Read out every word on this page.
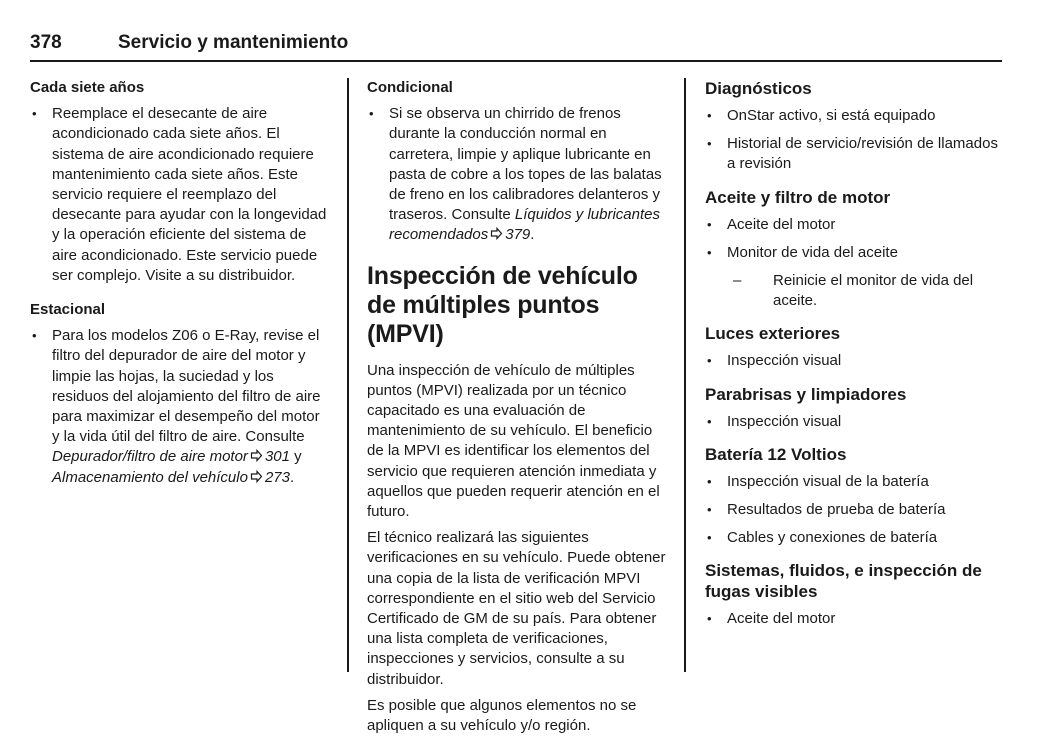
378	Servicio y mantenimiento
Cada siete años
• Reemplace el desecante de aire acondicionado cada siete años. El sistema de aire acondicionado requiere mantenimiento cada siete años. Este servicio requiere el reemplazo del desecante para ayudar con la longevidad y la operación eficiente del sistema de aire acondicionado. Este servicio puede ser complejo. Visite a su distribuidor.
Estacional
• Para los modelos Z06 o E-Ray, revise el filtro del depurador de aire del motor y limpie las hojas, la suciedad y los residuos del alojamiento del filtro de aire para maximizar el desempeño del motor y la vida útil del filtro de aire. Consulte Depurador/filtro de aire motor 301 y Almacenamiento del vehículo 273.
Condicional
• Si se observa un chirrido de frenos durante la conducción normal en carretera, limpie y aplique lubricante en pasta de cobre a los topes de las balatas de freno en los calibradores delanteros y traseros. Consulte Líquidos y lubricantes recomendados 379.
Inspección de vehículo de múltiples puntos (MPVI)

Una inspección de vehículo de múltiples puntos (MPVI) realizada por un técnico capacitado es una evaluación de mantenimiento de su vehículo. El beneficio de la MPVI es identificar los elementos del servicio que requieren atención inmediata y aquellos que pueden requerir atención en el futuro.

El técnico realizará las siguientes verificaciones en su vehículo. Puede obtener una copia de la lista de verificación MPVI correspondiente en el sitio web del Servicio Certificado de GM de su país. Para obtener una lista completa de verificaciones, inspecciones y servicios, consulte a su distribuidor.

Es posible que algunos elementos no se apliquen a su vehículo y/o región.

Diagnósticos
• OnStar activo, si está equipado
• Historial de servicio/revisión de llamados a revisión
Aceite y filtro de motor
• Aceite del motor
• Monitor de vida del aceite
– Reinicie el monitor de vida del aceite.
Luces exteriores
• Inspección visual
Parabrisas y limpiadores
• Inspección visual
Batería 12 Voltios
• Inspección visual de la batería
• Resultados de prueba de batería
• Cables y conexiones de batería
Sistemas, fluidos, e inspección de fugas visibles
• Aceite del motor
